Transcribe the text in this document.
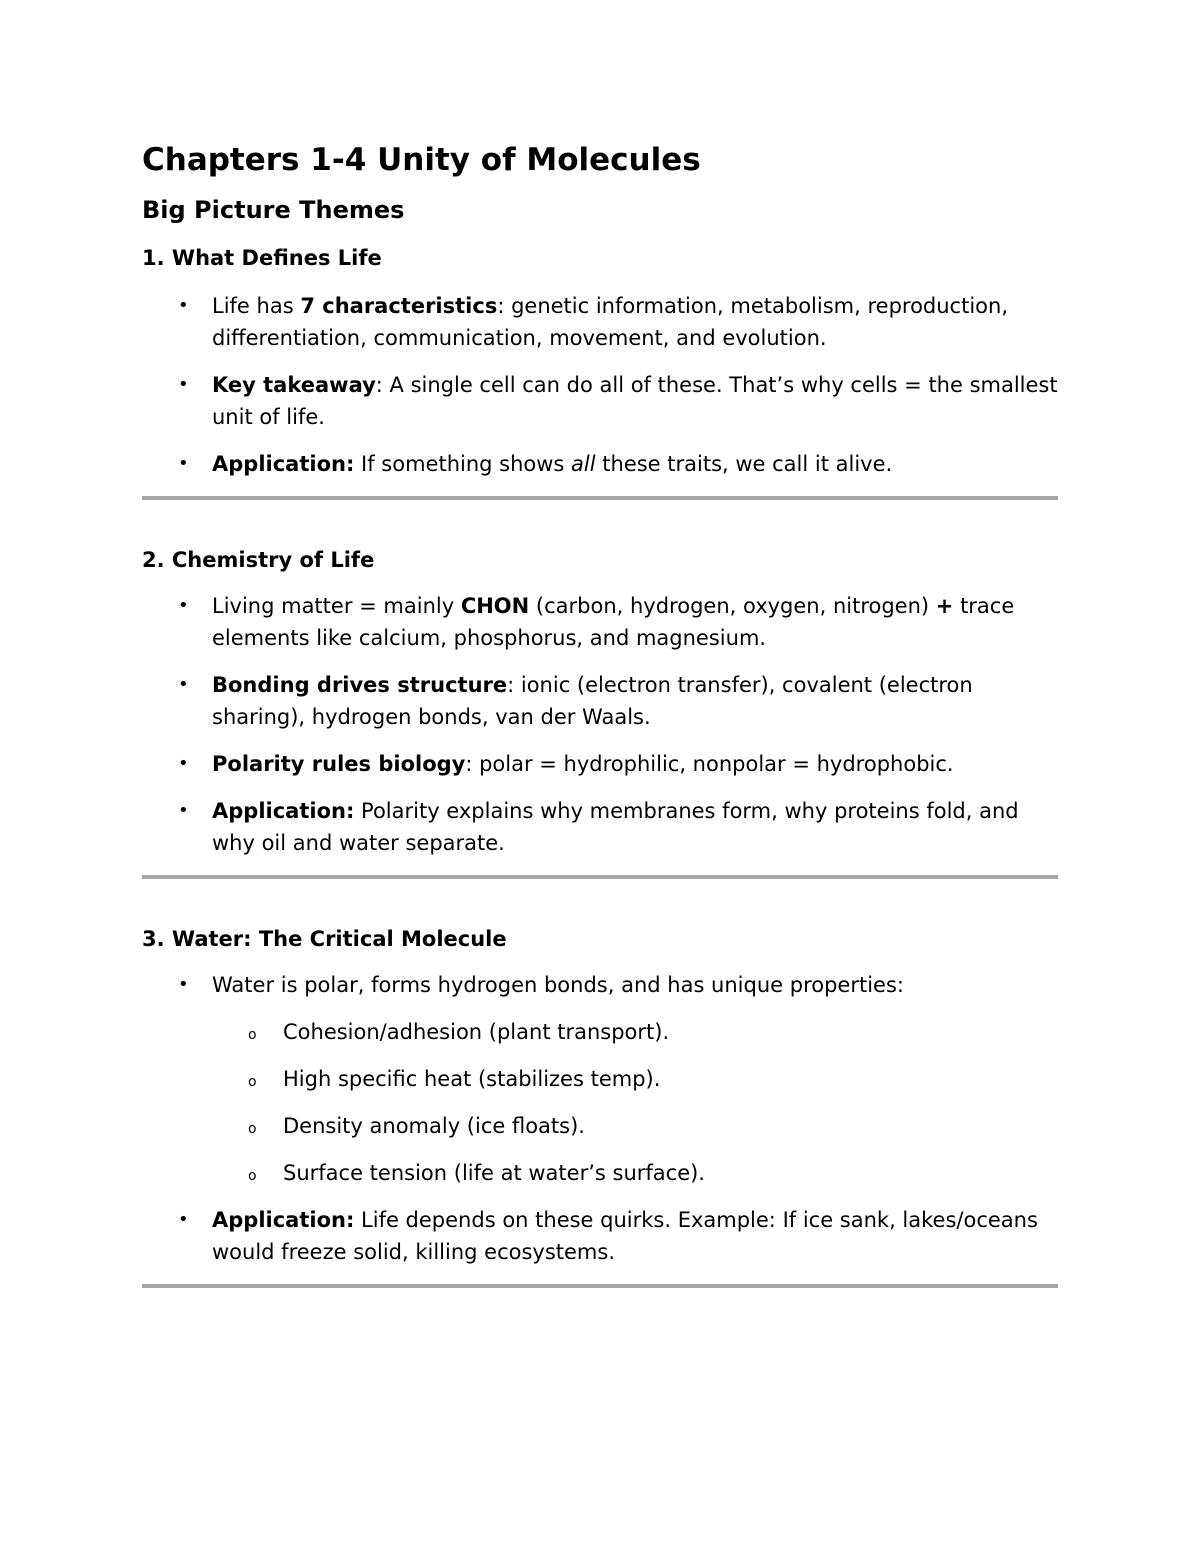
Chapters 1-4 Unity of Molecules
Big Picture Themes
1. What Defines Life
• Life has 7 characteristics: genetic information, metabolism, reproduction, differentiation, communication, movement, and evolution.
• Key takeaway: A single cell can do all of these. That’s why cells = the smallest unit of life.
• Application: If something shows all these traits, we call it alive.
2. Chemistry of Life
• Living matter = mainly CHON (carbon, hydrogen, oxygen, nitrogen) + trace elements like calcium, phosphorus, and magnesium.
• Bonding drives structure: ionic (electron transfer), covalent (electron sharing), hydrogen bonds, van der Waals.
• Polarity rules biology: polar = hydrophilic, nonpolar = hydrophobic.
• Application: Polarity explains why membranes form, why proteins fold, and why oil and water separate.
3. Water: The Critical Molecule
• Water is polar, forms hydrogen bonds, and has unique properties:
o Cohesion/adhesion (plant transport).
o High specific heat (stabilizes temp).
o Density anomaly (ice floats).
o Surface tension (life at water’s surface).
• Application: Life depends on these quirks. Example: If ice sank, lakes/oceans would freeze solid, killing ecosystems.
